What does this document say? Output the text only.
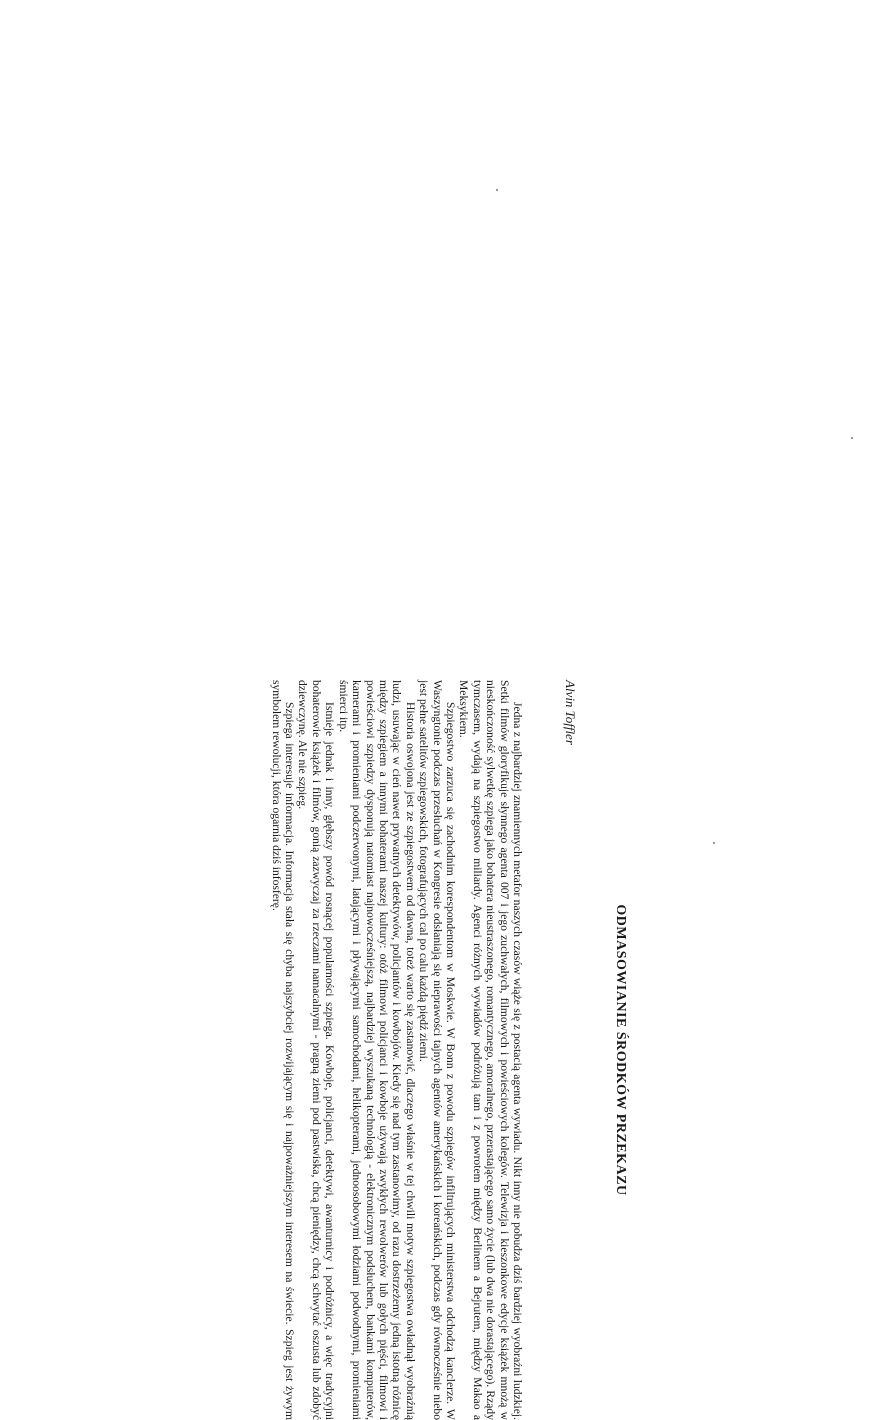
ODMASOWIANIE ŚRODKÓW PRZEKAZU
Alvin Toffler

Jedna z najbardziej znamiennych metafor naszych czasów wiąże się z postacią agenta wywiadu. Nikt inny nie pobudza dziś bardziej wyobraźni ludzkiej. Setki filmów gloryfikuje słynnego agenta 007 i jego zuchwałych, filmowych i powieściowych kolegów. Telewizja i kieszonkowe edycje książek mnożą w nieskończoność sylwetkę szpiega jako bohatera nieustraszonego, romantycznego, amoralnego, przerastającego samo życie (lub dwa nie dorastającego). Rządy tymczasem, wydają na szpiegostwo miliardy. Agenci różnych wywiadów podróżują tam i z powrotem między Berlinem a Bejrutem, między Makao a Meksykiem.

Szpiegostwo zarzuca się zachodnim korespondentom w Moskwie. W Bonn z powodu szpiegów infiltrujących ministerstwa odchodzą kanclerze. W Waszyngtonie podczas przesłuchań w Kongresie odsłaniają się nieprawości tajnych agentów amerykańskich i koreańskich, podczas gdy równocześnie niebo jest pełne satelitów szpiegowskich, fotografujących cal po calu każdą piędź ziemi.

Historia oswojona jest ze szpiegostwem od dawna, toteż warto się zastanowić, dlaczego właśnie w tej chwili motyw szpiegostwa owładnął wyobraźnią ludzi, usuwając w cień nawet prywatnych detektywów, policjantów i kowbojów. Kiedy się nad tym zastanowimy, od razu dostrzeżemy jedną istotną różnicę między szpiegiem a innymi bohaterami naszej kultury: otóż filmowi policjanci i kowboje używają zwykłych rewolwerów lub gołych pięści, filmowi i powieściowi szpiedzy dysponują natomiast najnowocześniejszą, najbardziej wyszukaną technologią - elektronicznym podsłuchem, bankami komputerów, kamerami i promieniami podczerwonymi, latającymi i pływającymi samochodami, helikopterami, jednoosobowymi łodziami podwodnymi, promieniami śmierci itp.

Istnieje jednak i inny, głębszy powód rosnącej popularności szpiega. Kowboje, policjanci, detektywi, awanturnicy i podróżnicy, a więc tradycyjni bohaterowie książek i filmów, gonią zazwyczaj za rzeczami namacalnymi - pragną ziemi pod pastwiska, chcą pieniędzy, chcą schwytać oszusta lub zdobyć dziewczynę. Ale nie szpieg.

Szpiega interesuje informacja. Informacja stała się chyba najszybciej rozwijającym się i najpoważniejszym interesem na świecie. Szpieg jest żywym symbolem rewolucji, która ogarnia dziś infosferę.
